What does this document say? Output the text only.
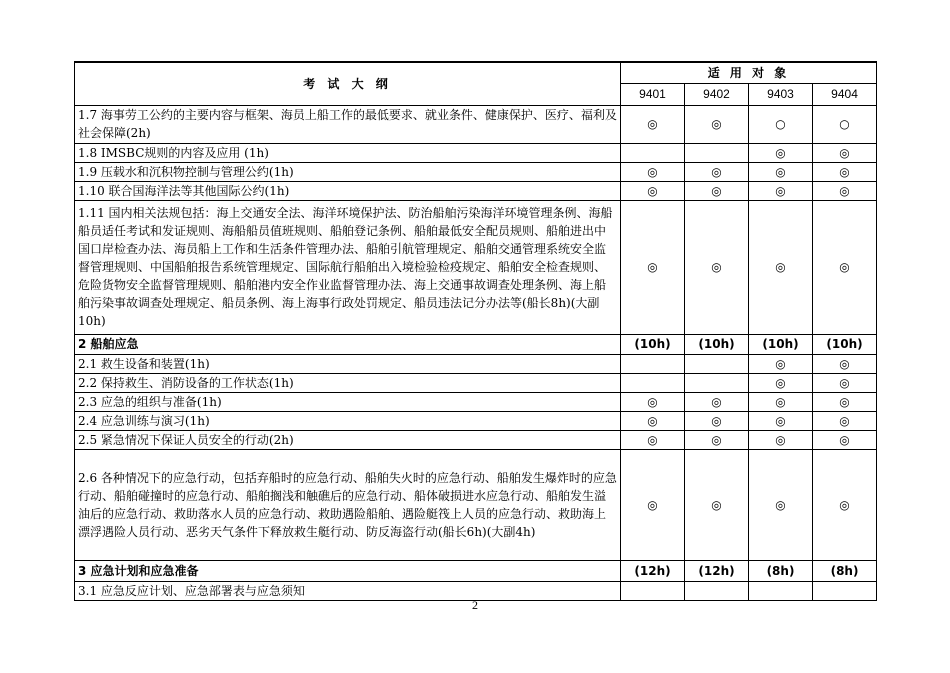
考 试 大 纲	适 用 对 象			
	9401	9402	9403	9404
1.7 海事劳工公约的主要内容与框架、海员上船工作的最低要求、就业条件、健康保护、医疗、福利及社会保障(2h)	◎	◎	○	○
1.8 IMSBC规则的内容及应用 (1h)			◎	◎
1.9 压载水和沉积物控制与管理公约(1h)	◎	◎	◎	◎
1.10 联合国海洋法等其他国际公约(1h)	◎	◎	◎	◎
1.11 国内相关法规包括：海上交通安全法、海洋环境保护法、防治船舶污染海洋环境管理条例、海船船员适任考试和发证规则、海船船员值班规则、船舶登记条例、船舶最低安全配员规则、船舶进出中国口岸检查办法、海员船上工作和生活条件管理办法、船舶引航管理规定、船舶交通管理系统安全监督管理规则、中国船舶报告系统管理规定、国际航行船舶出入境检验检疫规定、船舶安全检查规则、危险货物安全监督管理规则、船舶港内安全作业监督管理办法、海上交通事故调查处理条例、海上船舶污染事故调查处理规定、船员条例、海上海事行政处罚规定、船员违法记分办法等(船长8h)(大副10h)	◎	◎	◎	◎
2 船舶应急	(10h)	(10h)	(10h)	(10h)
2.1 救生设备和装置(1h)			◎	◎
2.2 保持救生、消防设备的工作状态(1h)			◎	◎
2.3 应急的组织与准备(1h)	◎	◎	◎	◎
2.4 应急训练与演习(1h)	◎	◎	◎	◎
2.5 紧急情况下保证人员安全的行动(2h)	◎	◎	◎	◎
2.6 各种情况下的应急行动，包括弃船时的应急行动、船舶失火时的应急行动、船舶发生爆炸时的应急行动、船舶碰撞时的应急行动、船舶搁浅和触礁后的应急行动、船体破损进水应急行动、船舶发生溢油后的应急行动、救助落水人员的应急行动、救助遇险船舶、遇险艇筏上人员的应急行动、救助海上漂浮遇险人员行动、恶劣天气条件下释放救生艇行动、防反海盗行动(船长6h)(大副4h)	◎	◎	◎	◎
3 应急计划和应急准备	(12h)	(12h)	(8h)	(8h)
3.1 应急反应计划、应急部署表与应急须知				
2
